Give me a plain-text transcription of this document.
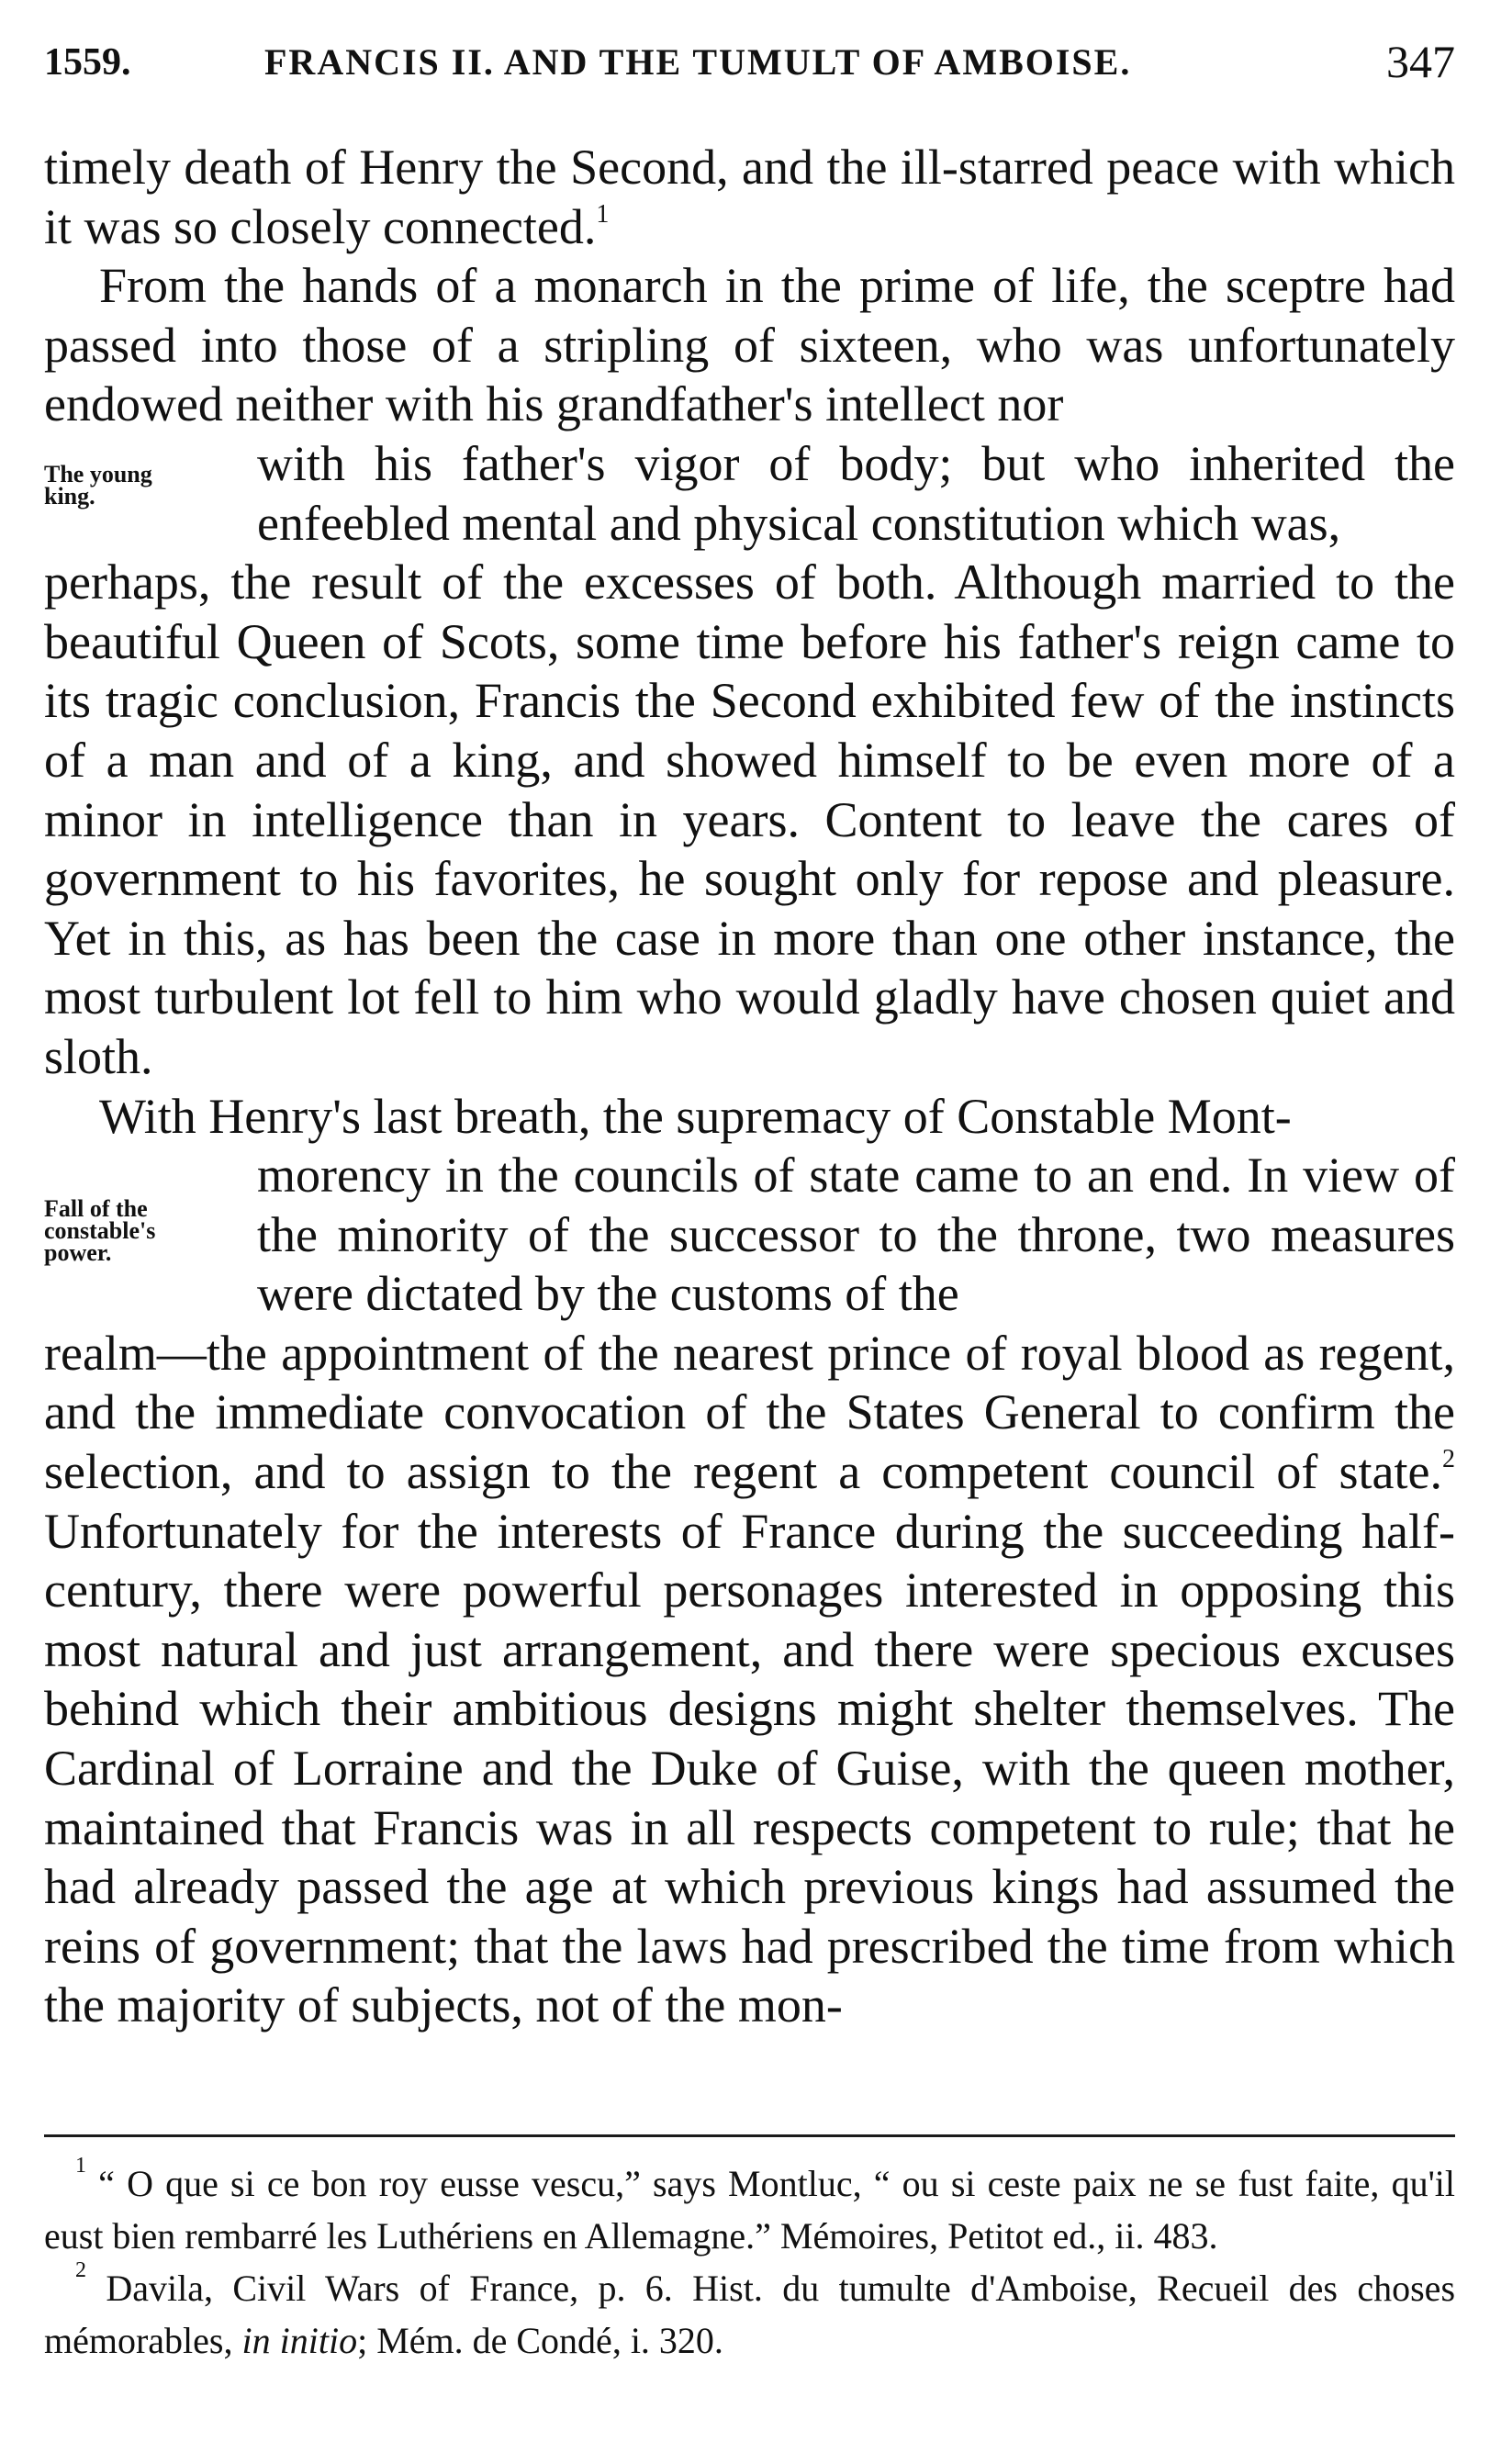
1559.	FRANCIS II. AND THE TUMULT OF AMBOISE.	347

timely death of Henry the Second, and the ill-starred peace with which it was so closely connected.$^1$

From the hands of a monarch in the prime of life, the sceptre had passed into those of a stripling of sixteen, who was unfortunately endowed neither with his grandfather's intellect nor

with his father's vigor of body; but who inherited the enfeebled mental and physical constitution which was,

perhaps, the result of the excesses of both. Although married to the beautiful Queen of Scots, some time before his father's reign came to its tragic conclusion, Francis the Second exhibited few of the instincts of a man and of a king, and showed himself to be even more of a minor in intelligence than in years. Content to leave the cares of government to his favorites, he sought only for repose and pleasure. Yet in this, as has been the case in more than one other instance, the most turbulent lot fell to him who would gladly have chosen quiet and sloth.

With Henry's last breath, the supremacy of Constable Mont-

morency in the councils of state came to an end. In view of the minority of the successor to the throne, two measures were dictated by the customs of the

realm—the appointment of the nearest prince of royal blood as regent, and the immediate convocation of the States General to confirm the selection, and to assign to the regent a competent council of state.$^2$ Unfortunately for the interests of France during the succeeding half-century, there were powerful personages interested in opposing this most natural and just arrangement, and there were specious excuses behind which their ambitious designs might shelter themselves. The Cardinal of Lorraine and the Duke of Guise, with the queen mother, maintained that Francis was in all respects competent to rule; that he had already passed the age at which previous kings had assumed the reins of government; that the laws had prescribed the time from which the majority of subjects, not of the mon-

The young
king.
Fall of the
constable's
power.

$^1$ “ O que si ce bon roy eusse vescu,” says Montluc, “ ou si ceste paix ne se fust faite, qu'il eust bien rembarré les Luthériens en Allemagne.” Mémoires, Petitot ed., ii. 483.

$^2$ Davila, Civil Wars of France, p. 6. Hist. du tumulte d'Amboise, Recueil des choses mémorables, in initio; Mém. de Condé, i. 320.
